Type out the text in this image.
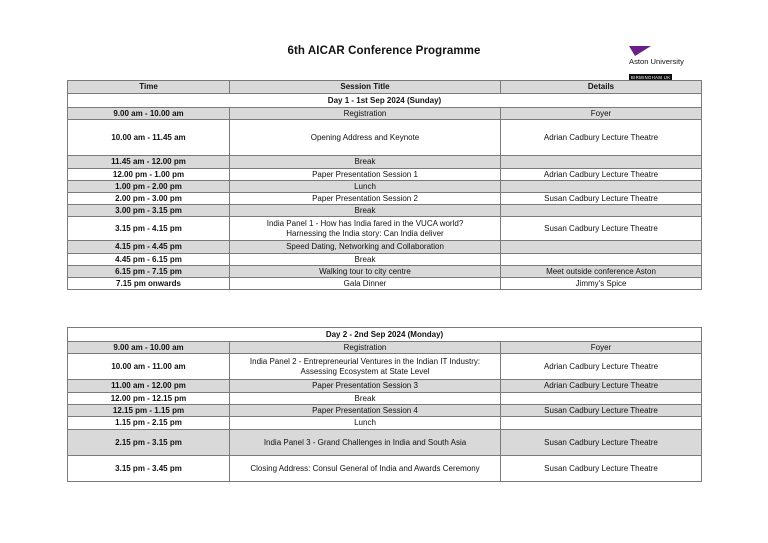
6th AICAR Conference Programme
Aston University
BIRMINGHAM UK
Time	Session Title	Details
Day 1 - 1st Sep 2024 (Sunday)		
9.00 am - 10.00 am	Registration	Foyer
10.00 am - 11.45 am	Opening Address and Keynote	Adrian Cadbury Lecture Theatre
11.45 am - 12.00 pm	Break	
12.00 pm - 1.00 pm	Paper Presentation Session 1	Adrian Cadbury Lecture Theatre
1.00 pm - 2.00 pm	Lunch	
2.00 pm - 3.00 pm	Paper Presentation Session 2	Susan Cadbury Lecture Theatre
3.00 pm - 3.15 pm	Break	
3.15 pm - 4.15 pm	India Panel 1 - How has India fared in the VUCA world?
Harnessing the India story: Can India deliver	Susan Cadbury Lecture Theatre
4.15 pm - 4.45 pm	Speed Dating, Networking and Collaboration	
4.45 pm - 6.15 pm	Break	
6.15 pm - 7.15 pm	Walking tour to city centre	Meet outside conference Aston
7.15 pm onwards	Gala Dinner	Jimmy's Spice
Day 2 - 2nd Sep 2024 (Monday)		
9.00 am - 10.00 am	Registration	Foyer
10.00 am - 11.00 am	India Panel 2 - Entrepreneurial Ventures in the Indian IT Industry:
Assessing Ecosystem at State Level	Adrian Cadbury Lecture Theatre
11.00 am - 12.00 pm	Paper Presentation Session 3	Adrian Cadbury Lecture Theatre
12.00 pm - 12.15 pm	Break	
12.15 pm - 1.15 pm	Paper Presentation Session 4	Susan Cadbury Lecture Theatre
1.15 pm - 2.15 pm	Lunch	
2.15 pm - 3.15 pm	India Panel 3 - Grand Challenges in India and South Asia	Susan Cadbury Lecture Theatre
3.15 pm - 3.45 pm	Closing Address: Consul General of India and Awards Ceremony	Susan Cadbury Lecture Theatre
